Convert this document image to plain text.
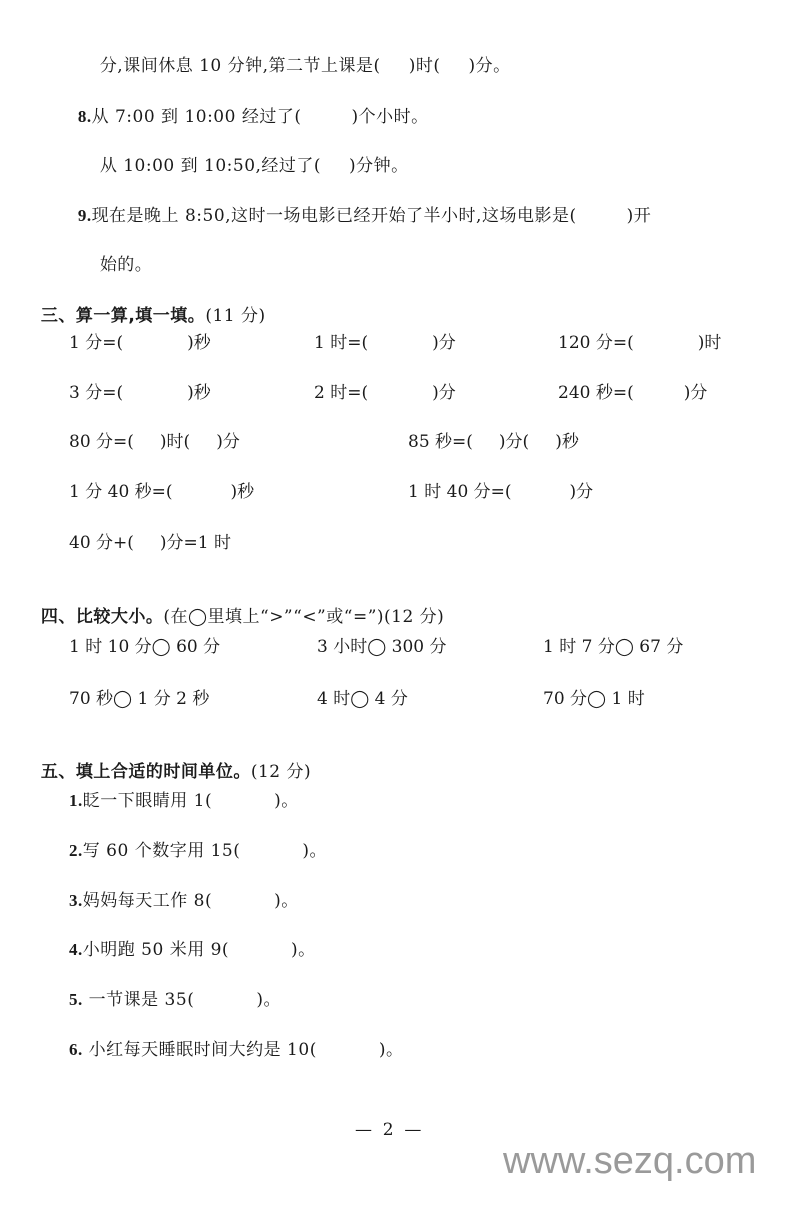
分,课间休息 10 分钟,第二节上课是( )时( )分。

8.从 7:00 到 10:00 经过了(	)个小时。

从 10:00 到 10:50,经过了( )分钟。

9.现在是晚上 8:50,这时一场电影已经开始了半小时,这场电影是(	)开

始的。

三、算一算,填一填。(11 分)

1 分=(	)秒	1 时=(	)分	120 分=(	)时
3 分=(	)秒	2 时=(	)分	240 秒=(	)分
80 分=( )时( )分	85 秒=( )分( )秒
1 分 40 秒=(	)秒	1 时 40 分=(	)分
40 分+( )分=1 时

四、比较大小。(在◯里填上“>”“<”或“=”)(12 分)

1 时 10 分◯ 60 分	3 小时◯ 300 分	1 时 7 分◯ 67 分
70 秒◯ 1 分 2 秒	4 时◯ 4 分	70 分◯ 1 时

五、填上合适的时间单位。(12 分)

1.眨一下眼睛用 1(	)。
2.写 60 个数字用 15(	)。
3.妈妈每天工作 8(	)。
4.小明跑 50 米用 9(	)。
5. 一节课是 35(	)。
6. 小红每天睡眠时间大约是 10(	)。
—  2  —
www.sezq.com
